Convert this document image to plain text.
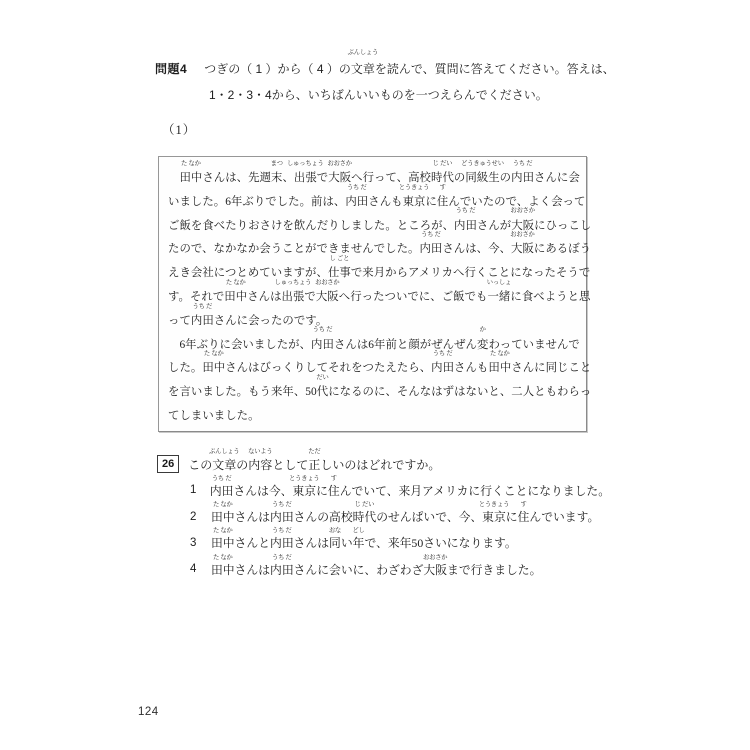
問題4 つぎの（ 1 ）から（ 4 ）の文章
ぶんしょう
を読んで、質問に答えてください。答えは、
1・2・3・4から、いちばんいいものを一つえらんでください。
（1）
　田中
た なか
さんは、先週末
まつ
、出張
しゅっちょう
で大阪
おおさか
へ行って、高校時代
じ だい
の同級生
どうきゅうせい
の内田
うち だ
さんに会
いました。6年ぶりでした。前は、内田
うち だ
さんも東京
とうきょう
に住
す
んでいたので、よく会って
ご飯を食べたりおさけを飲んだりしました。ところが、内田
うち だ
さんが大阪
おおさか
にひっこし
たので、なかなか会うことができませんでした。内田
うち だ
さんは、今、大阪
おおさか
にあるぼう
えき会社につとめていますが、仕事
し ごと
で来月からアメリカへ行くことになったそうで
す。それで田中
た なか
さんは出張
しゅっちょう
で大阪
おおさか
へ行ったついでに、ご飯でも一緒
いっしょ
に食べようと思
って内田
うち だ
さんに会ったのです。
　6年ぶりに会いましたが、内田
うち だ
さんは6年前と顔がぜんぜん変
か
わっていませんで
した。田中
た なか
さんはびっくりしてそれをつたえたら、内田
うち だ
さんも田中
た なか
さんに同じこと
を言いました。もう来年、50代
だい
になるのに、そんなはずはないと、二人ともわらっ
てしまいました。
26	この文章
ぶんしょう
の内容
ないよう
として正
ただ
しいのはどれですか。
1	内田
うち だ
さんは今、東京
とうきょう
に住
す
んでいて、来月アメリカに行くことになりました。
2	田中
た なか
さんは内田
うち だ
さんの高校時代
じ だい
のせんぱいで、今、東京
とうきょう
に住
す
んでいます。
3	田中
た なか
さんと内田
うち だ
さんは同
おな
い年
どし
で、来年50さいになります。
4	田中
た なか
さんは内田
うち だ
さんに会いに、わざわざ大阪
おおさか
まで行きました。
124
